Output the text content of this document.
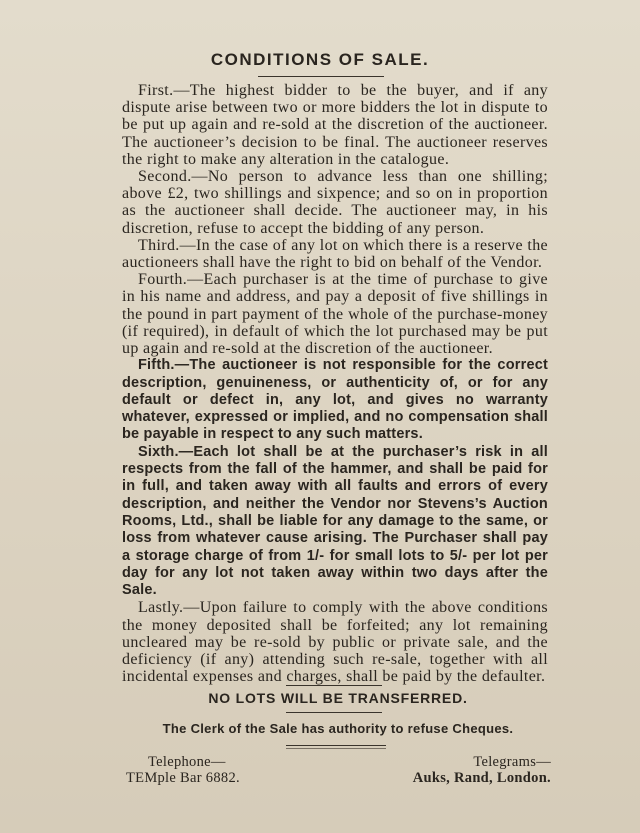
CONDITIONS OF SALE.

First.—The highest bidder to be the buyer, and if any dispute arise between two or more bidders the lot in dispute to be put up again and re-sold at the discretion of the auctioneer. The auctioneer’s decision to be final. The auctioneer reserves the right to make any alteration in the catalogue.

Second.—No person to advance less than one shilling; above £2, two shillings and sixpence; and so on in proportion as the auctioneer shall decide. The auctioneer may, in his discretion, refuse to accept the bidding of any person.

Third.—In the case of any lot on which there is a reserve the auctioneers shall have the right to bid on behalf of the Vendor.

Fourth.—Each purchaser is at the time of purchase to give in his name and address, and pay a deposit of five shillings in the pound in part payment of the whole of the purchase-money (if required), in default of which the lot purchased may be put up again and re-sold at the discretion of the auctioneer.

Fifth.—The auctioneer is not responsible for the correct description, genuineness, or authenticity of, or for any default or defect in, any lot, and gives no warranty whatever, expressed or implied, and no compensation shall be payable in respect to any such matters.

Sixth.—Each lot shall be at the purchaser’s risk in all respects from the fall of the hammer, and shall be paid for in full, and taken away with all faults and errors of every description, and neither the Vendor nor Stevens’s Auction Rooms, Ltd., shall be liable for any damage to the same, or loss from whatever cause arising. The Purchaser shall pay a storage charge of from 1/- for small lots to 5/- per lot per day for any lot not taken away within two days after the Sale.

Lastly.—Upon failure to comply with the above conditions the money deposited shall be forfeited; any lot remaining uncleared may be re-sold by public or private sale, and the deficiency (if any) attending such re-sale, together with all incidental expenses and charges, shall be paid by the defaulter.

NO LOTS WILL BE TRANSFERRED.
The Clerk of the Sale has authority to refuse Cheques.
Telephone—
TEMple Bar 6882.
Telegrams—
Auks, Rand, London.
